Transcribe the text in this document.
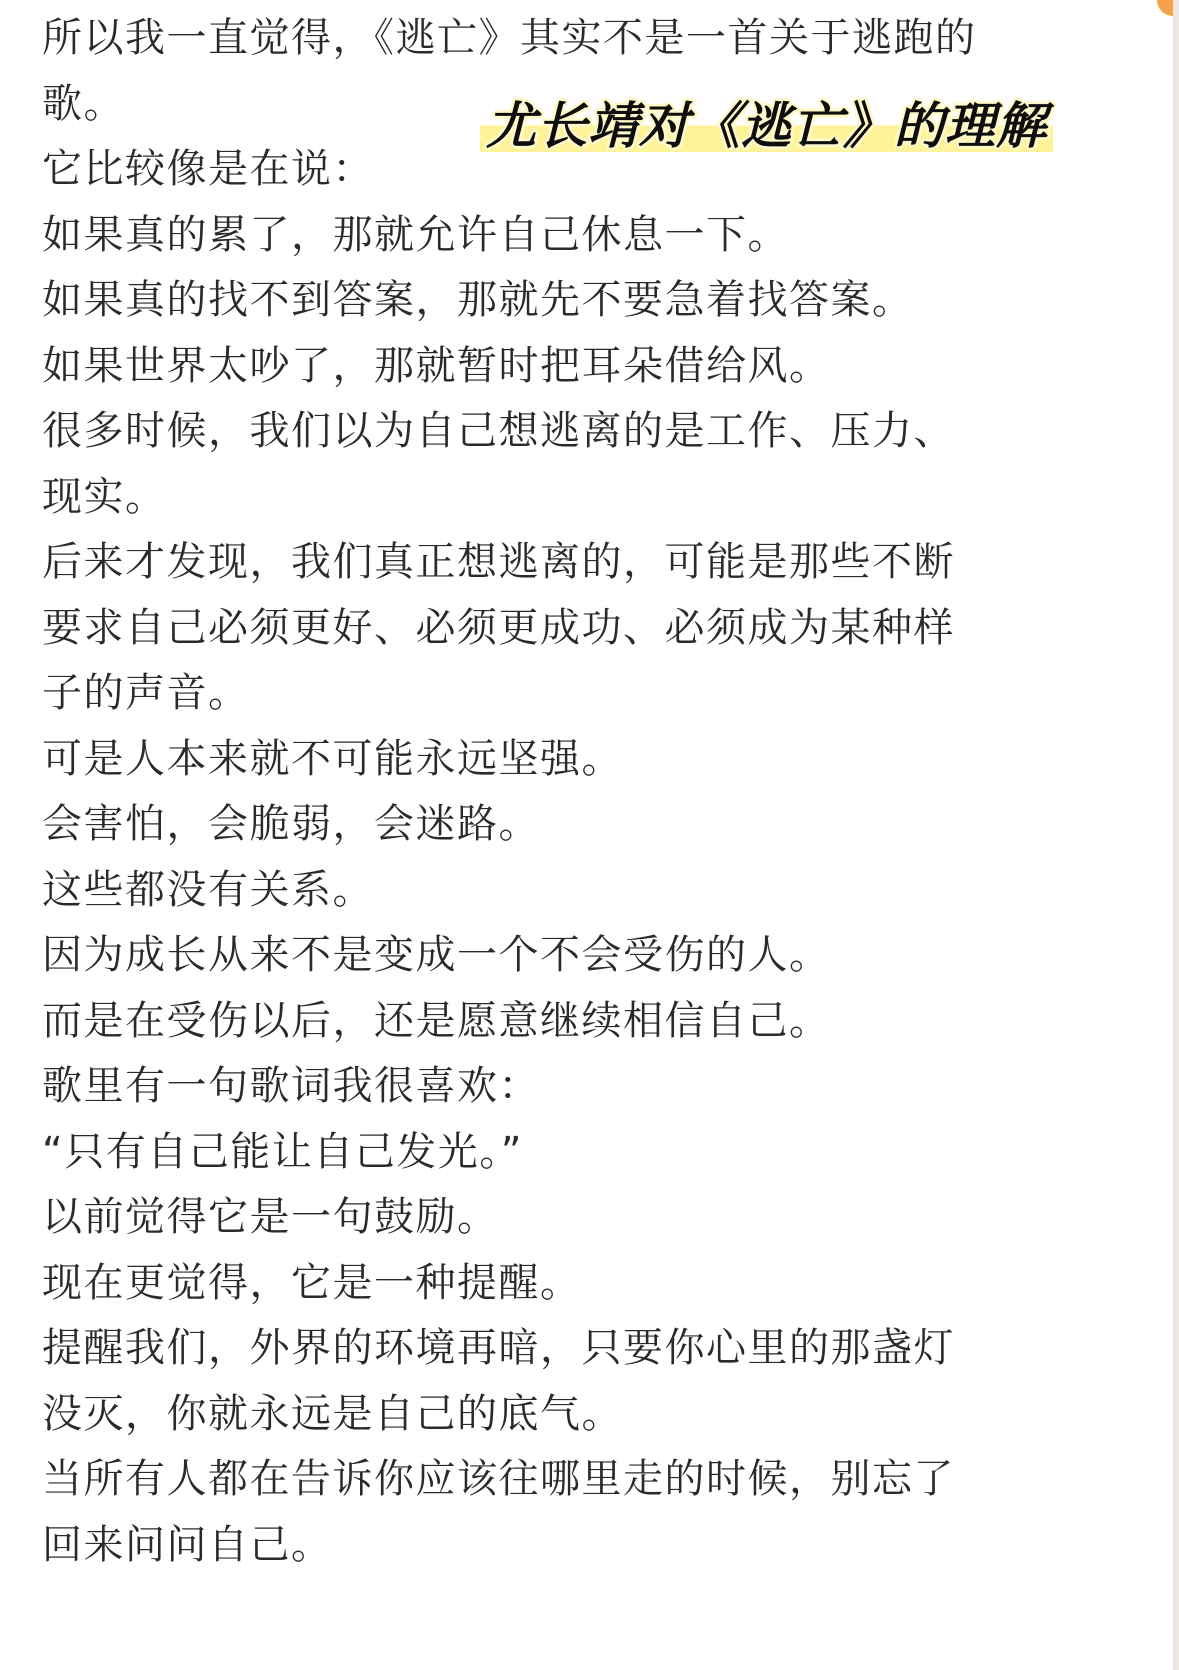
所以我一直觉得，《逃亡》其实不是一首关于逃跑的
歌。
它比较像是在说：
如果真的累了，那就允许自己休息一下。
如果真的找不到答案，那就先不要急着找答案。
如果世界太吵了，那就暂时把耳朵借给风。
很多时候，我们以为自己想逃离的是工作、压力、
现实。
后来才发现，我们真正想逃离的，可能是那些不断
要求自己必须更好、必须更成功、必须成为某种样
子的声音。
可是人本来就不可能永远坚强。
会害怕，会脆弱，会迷路。
这些都没有关系。
因为成长从来不是变成一个不会受伤的人。
而是在受伤以后，还是愿意继续相信自己。
歌里有一句歌词我很喜欢：
“只有自己能让自己发光。”
以前觉得它是一句鼓励。
现在更觉得，它是一种提醒。
提醒我们，外界的环境再暗，只要你心里的那盏灯
没灭，你就永远是自己的底气。
当所有人都在告诉你应该往哪里走的时候，别忘了
回来问问自己。
尤长靖对《逃亡》的理解
